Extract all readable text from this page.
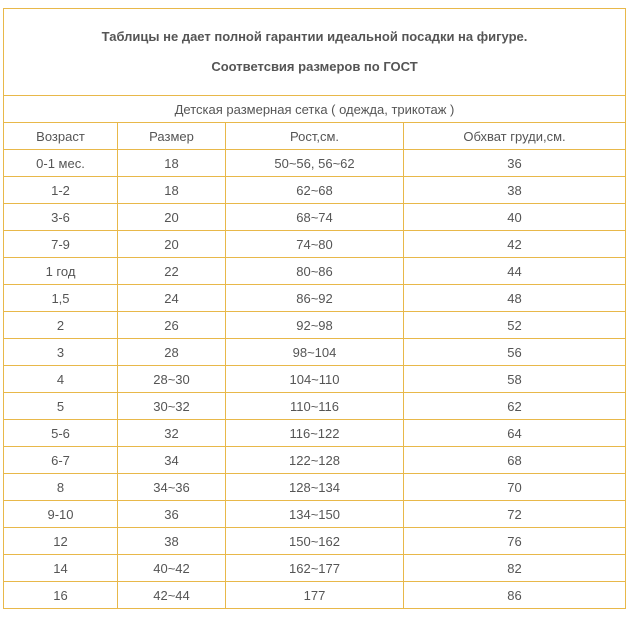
Таблицы не дает полной гарантии идеальной посадки на фигуре.
Соответсвия размеров по ГОСТ			

Детская размерная сетка ( одежда, трикотаж )			
Возраст	Размер	Рост,см.	Обхват груди,см.
0-1 мес.	18	50~56, 56~62	36
1-2	18	62~68	38
3-6	20	68~74	40
7-9	20	74~80	42
1 год	22	80~86	44
1,5	24	86~92	48
2	26	92~98	52
3	28	98~104	56
4	28~30	104~110	58
5	30~32	110~116	62
5-6	32	116~122	64
6-7	34	122~128	68
8	34~36	128~134	70
9-10	36	134~150	72
12	38	150~162	76
14	40~42	162~177	82
16	42~44	177	86
